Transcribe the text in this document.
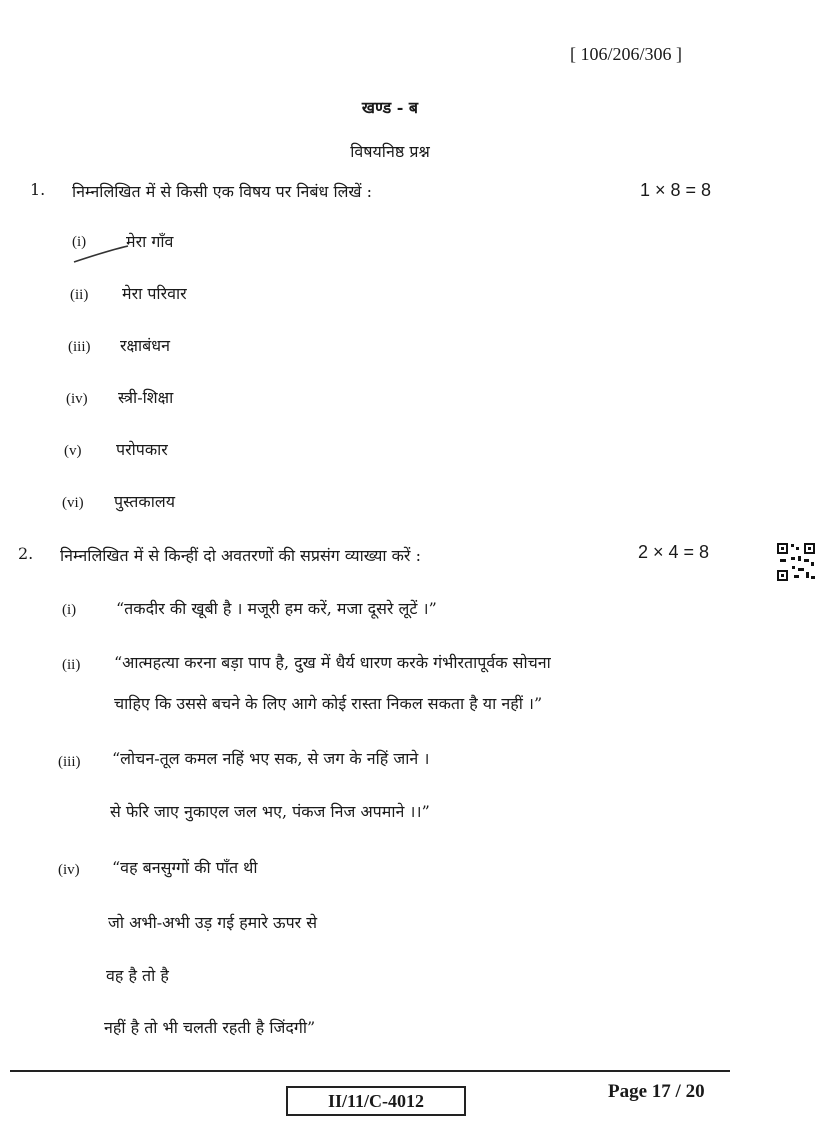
[ 106/206/306 ]
खण्ड - ब
विषयनिष्ठ प्रश्न
1. निम्नलिखित में से किसी एक विषय पर निबंध लिखें :	1 × 8 = 8
(i) मेरा गाँव
(ii) मेरा परिवार
(iii) रक्षाबंधन
(iv) स्त्री-शिक्षा
(v) परोपकार
(vi) पुस्तकालय
2. निम्नलिखित में से किन्हीं दो अवतरणों की सप्रसंग व्याख्या करें :	2 × 4 = 8
(i) “तकदीर की खूबी है । मजूरी हम करें, मजा दूसरे लूटें ।”
(ii) “आत्महत्या करना बड़ा पाप है, दुख में धैर्य धारण करके गंभीरतापूर्वक सोचना
चाहिए कि उससे बचने के लिए आगे कोई रास्ता निकल सकता है या नहीं ।”
(iii) “लोचन-तूल कमल नहिं भए सक, से जग के नहिं जाने ।
से फेरि जाए नुकाएल जल भए, पंकज निज अपमाने ।।”
(iv) “वह बनसुग्गों की पाँत थी
जो अभी-अभी उड़ गई हमारे ऊपर से
वह है तो है
नहीं है तो भी चलती रहती है जिंदगी”
II/11/C-4012	Page 17 / 20
